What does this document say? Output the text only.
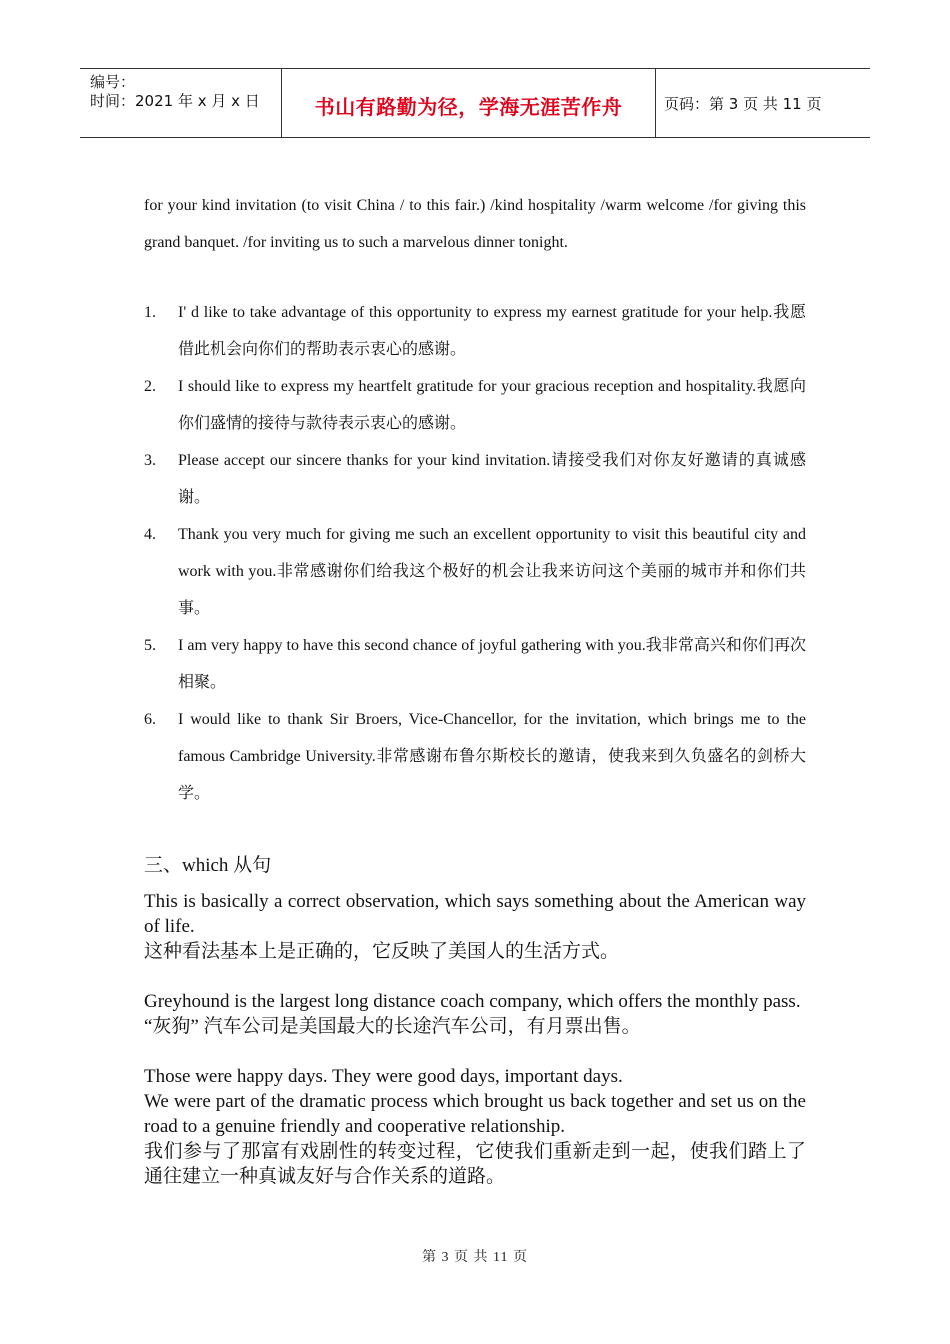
编号：
时间：2021 年 x 月 x 日	书山有路勤为径，学海无涯苦作舟	页码：第 3 页 共 11 页
for your kind invitation (to visit China / to this fair.) /kind hospitality /warm welcome /for giving this grand banquet. /for inviting us to such a marvelous dinner tonight.
1. I' d like to take advantage of this opportunity to express my earnest gratitude for your help.我愿借此机会向你们的帮助表示衷心的感谢。
2. I should like to express my heartfelt gratitude for your gracious reception and hospitality.我愿向你们盛情的接待与款待表示衷心的感谢。
3. Please accept our sincere thanks for your kind invitation.请接受我们对你友好邀请的真诚感谢。
4. Thank you very much for giving me such an excellent opportunity to visit this beautiful city and work with you.非常感谢你们给我这个极好的机会让我来访问这个美丽的城市并和你们共事。
5. I am very happy to have this second chance of joyful gathering with you.我非常高兴和你们再次相聚。
6. I would like to thank Sir Broers, Vice-Chancellor, for the invitation, which brings me to the famous Cambridge University.非常感谢布鲁尔斯校长的邀请，使我来到久负盛名的剑桥大学。
三、which 从句
This is basically a correct observation, which says something about the American way of life.
这种看法基本上是正确的，它反映了美国人的生活方式。
Greyhound is the largest long distance coach company, which offers the monthly pass.
“灰狗” 汽车公司是美国最大的长途汽车公司，有月票出售。
Those were happy days. They were good days, important days.
We were part of the dramatic process which brought us back together and set us on the road to a genuine friendly and cooperative relationship.
我们参与了那富有戏剧性的转变过程，它使我们重新走到一起，使我们踏上了通往建立一种真诚友好与合作关系的道路。
第 3 页 共 11 页
